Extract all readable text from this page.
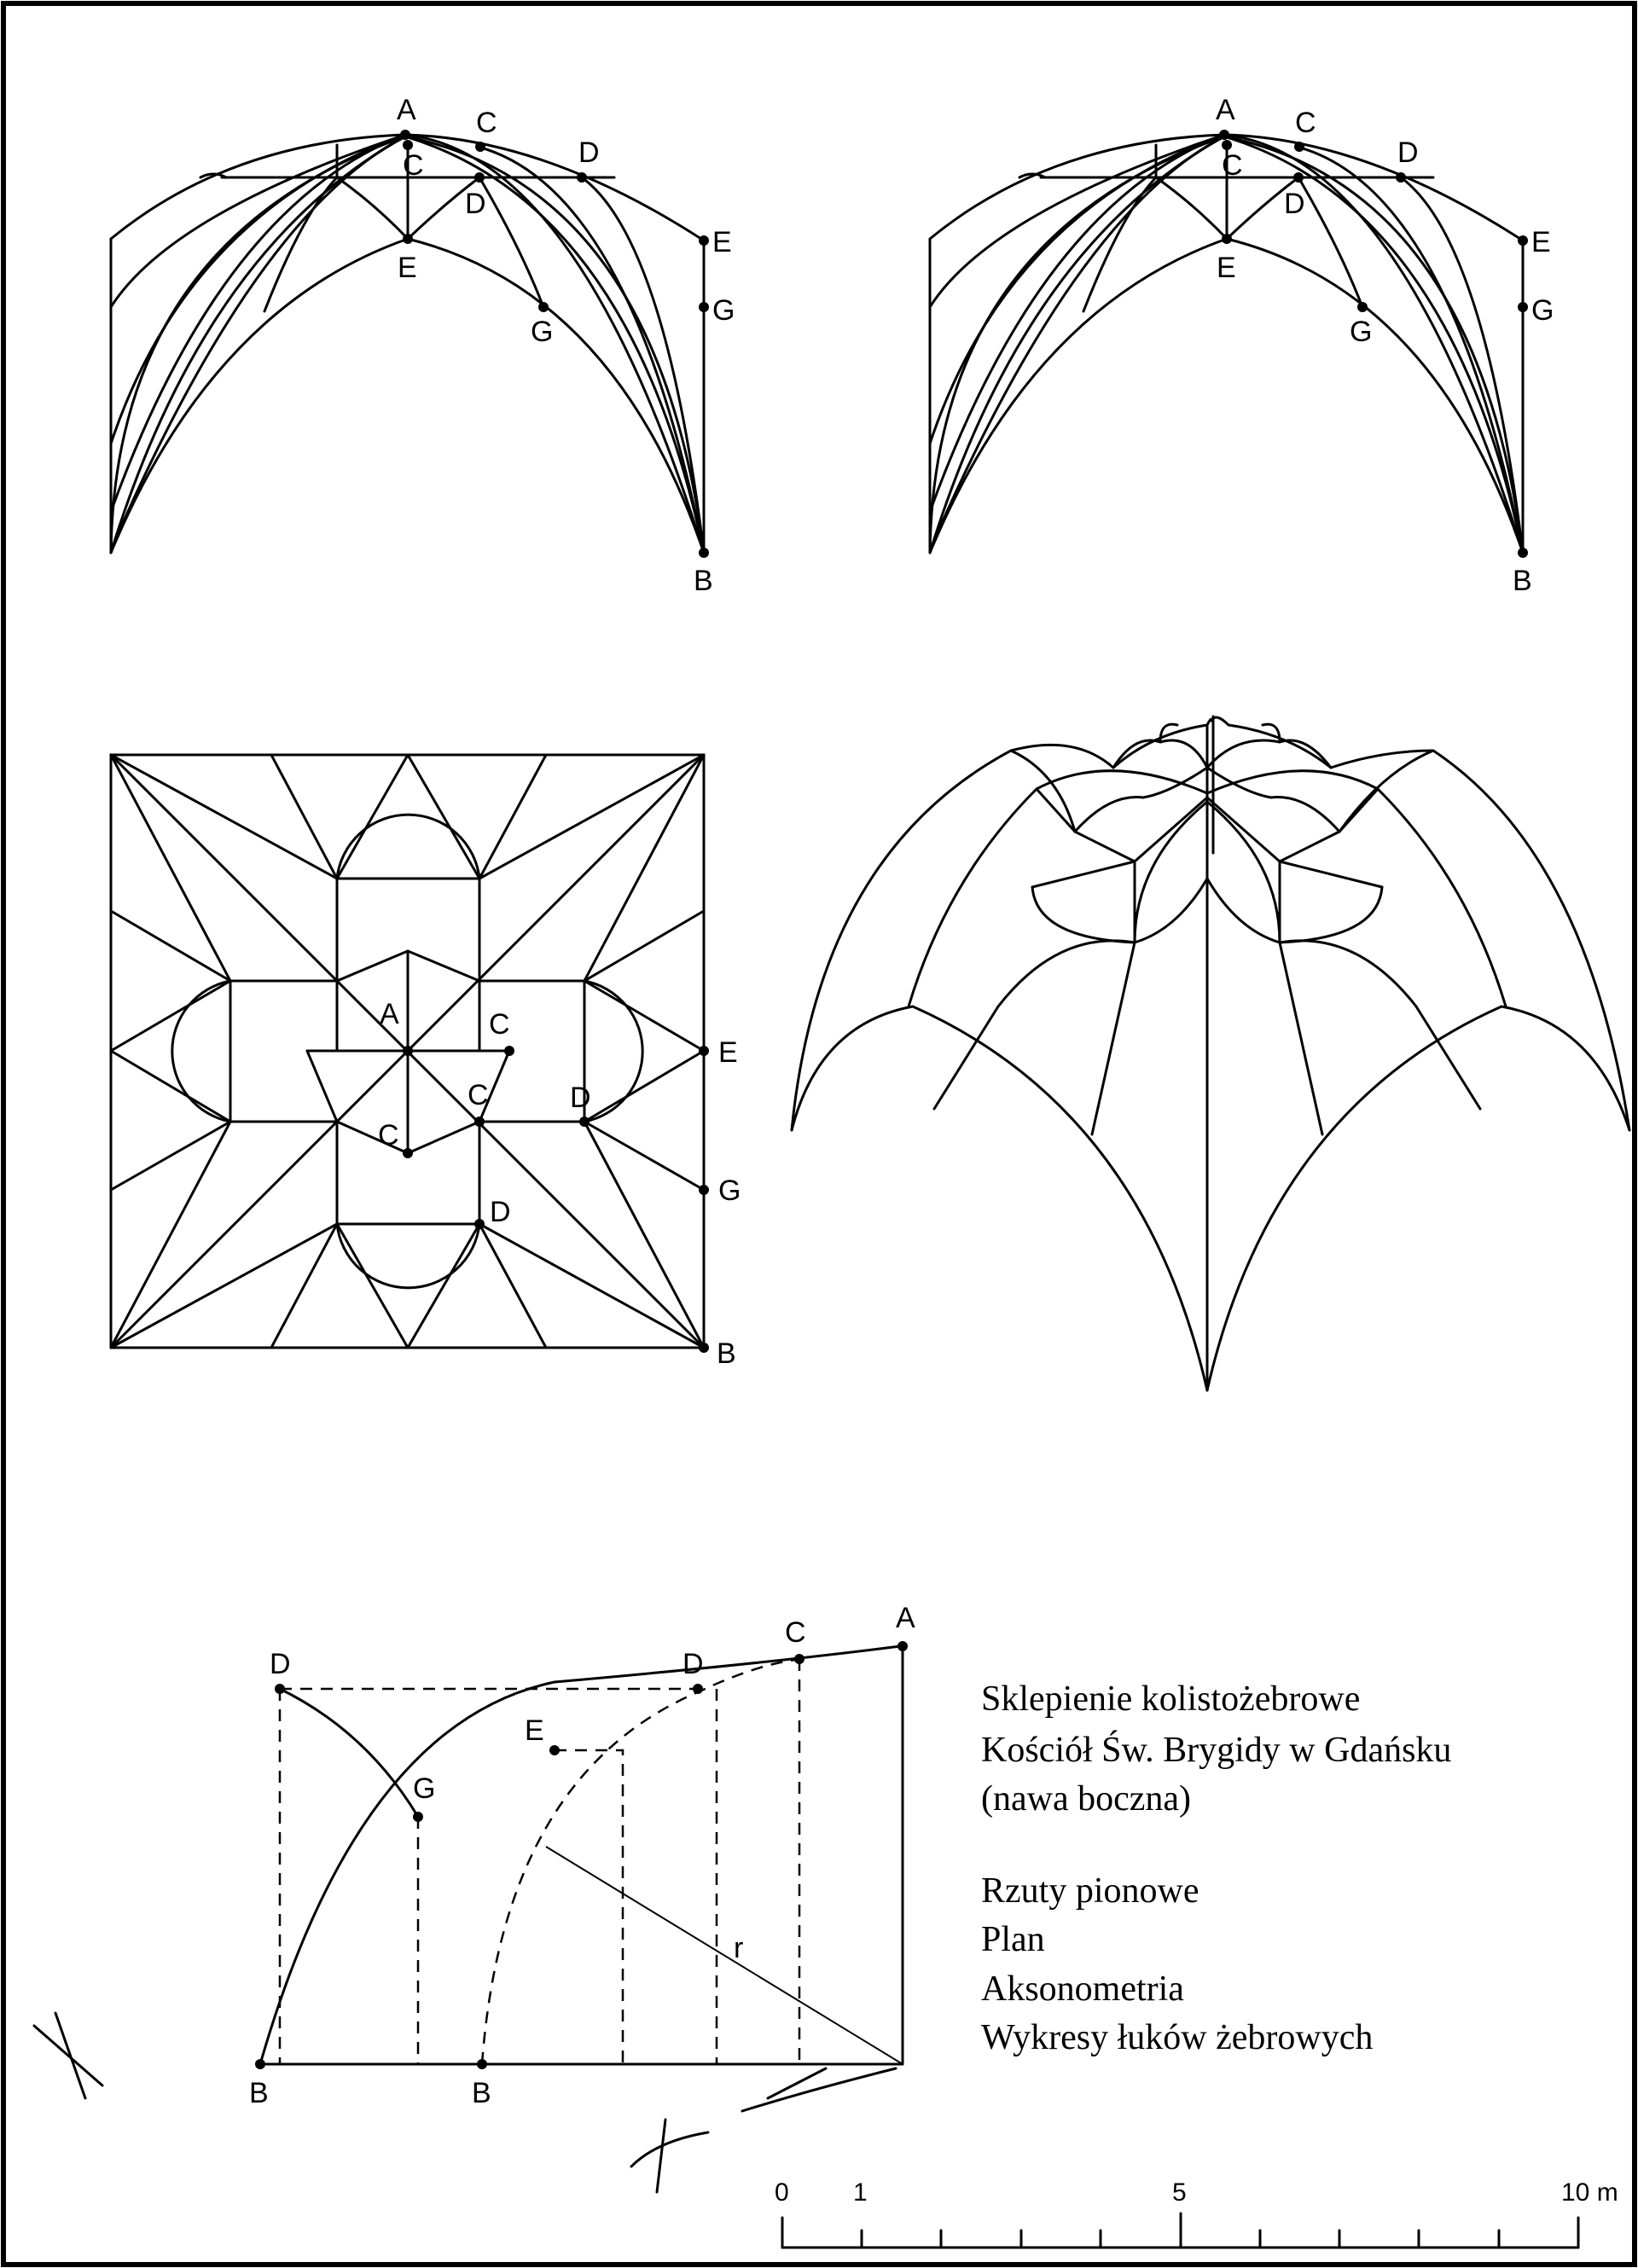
A C
C	D
D
E
E
G
G
B
A	C
C
C
D
D
E
G
B
A
C
D	D
E
G
B	B
r
Sklepienie kolistożebrowe
Kościół Św. Brygidy w Gdańsku
(nawa boczna)
Rzuty pionowe
Plan
Aksonometria
Wykresy łuków żebrowych
0	1	5	10 m
